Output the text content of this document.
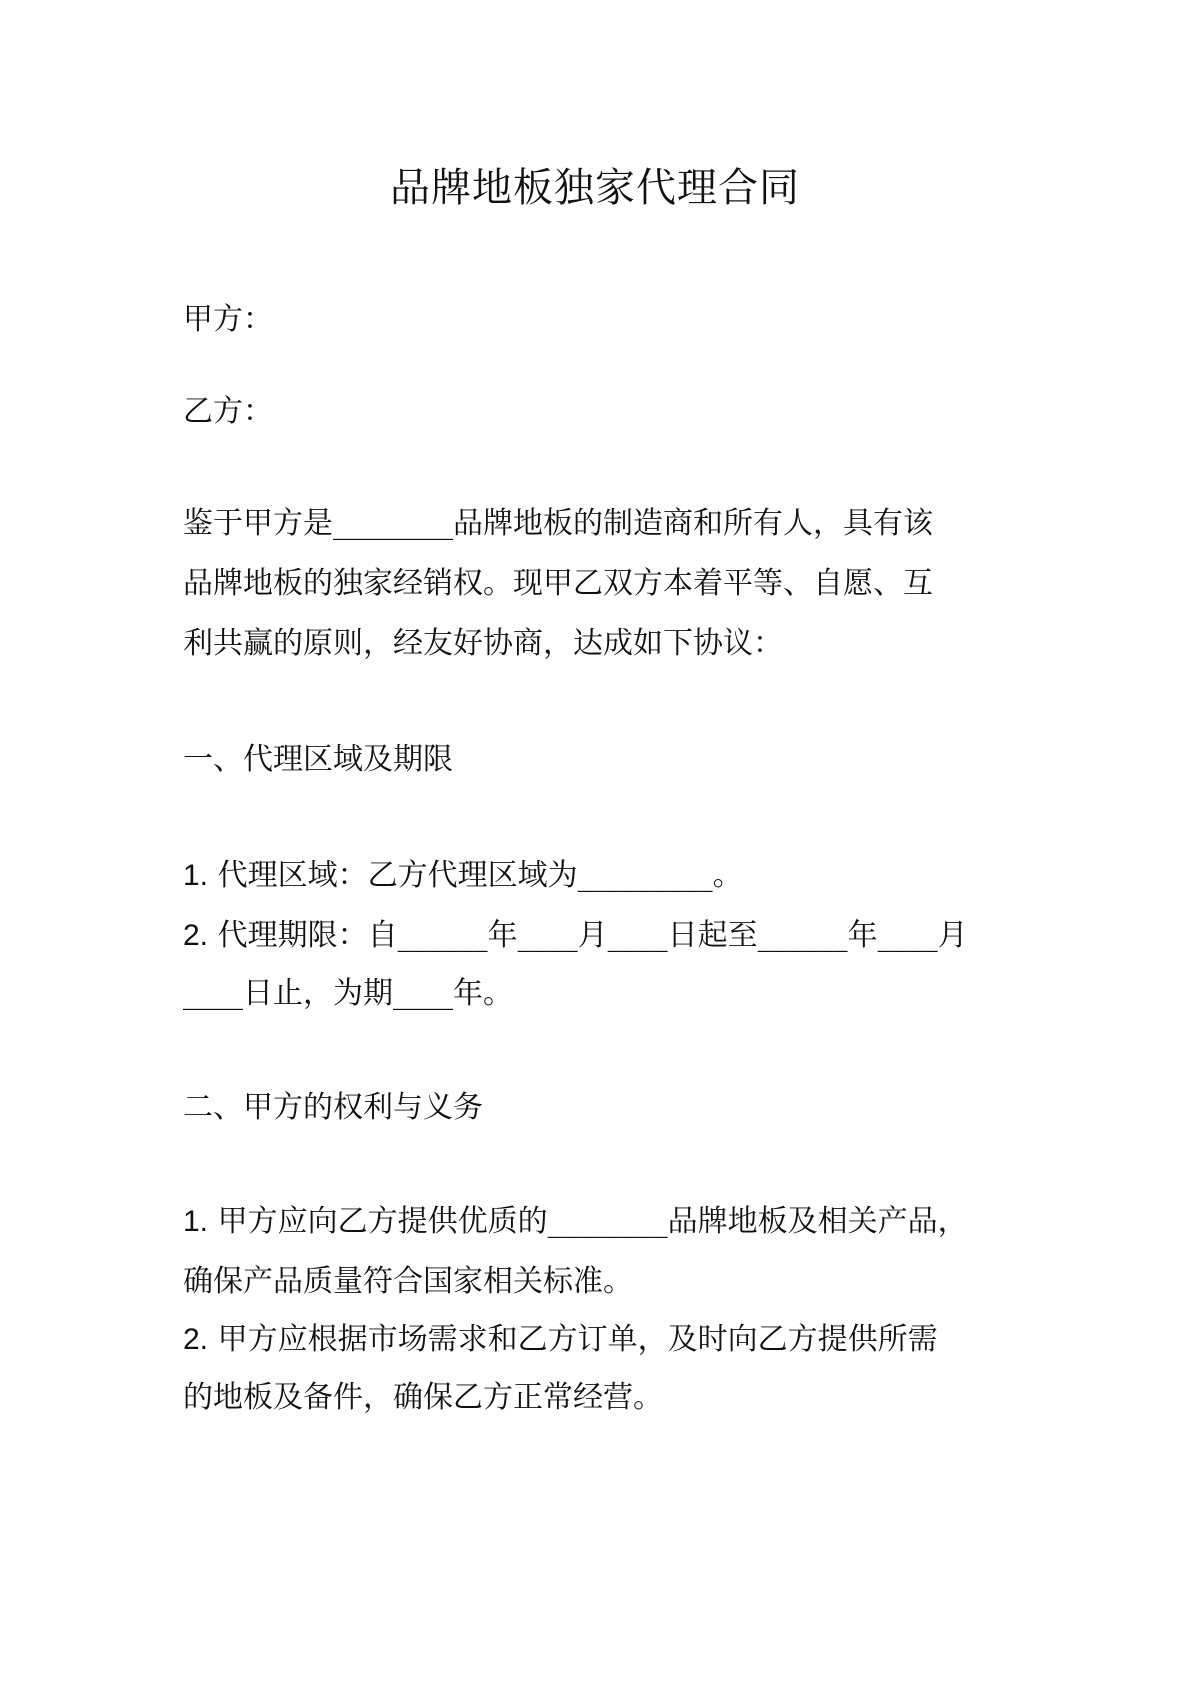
品牌地板独家代理合同
甲方：
乙方：
鉴于甲方是________品牌地板的制造商和所有人，具有该
品牌地板的独家经销权。现甲乙双方本着平等、自愿、互
利共赢的原则，经友好协商，达成如下协议：
一、代理区域及期限
1. 代理区域：乙方代理区域为_________。
2. 代理期限：自______年____月____日起至______年____月
____日止，为期____年。
二、甲方的权利与义务
1. 甲方应向乙方提供优质的________品牌地板及相关产品，
确保产品质量符合国家相关标准。
2. 甲方应根据市场需求和乙方订单，及时向乙方提供所需
的地板及备件，确保乙方正常经营。
